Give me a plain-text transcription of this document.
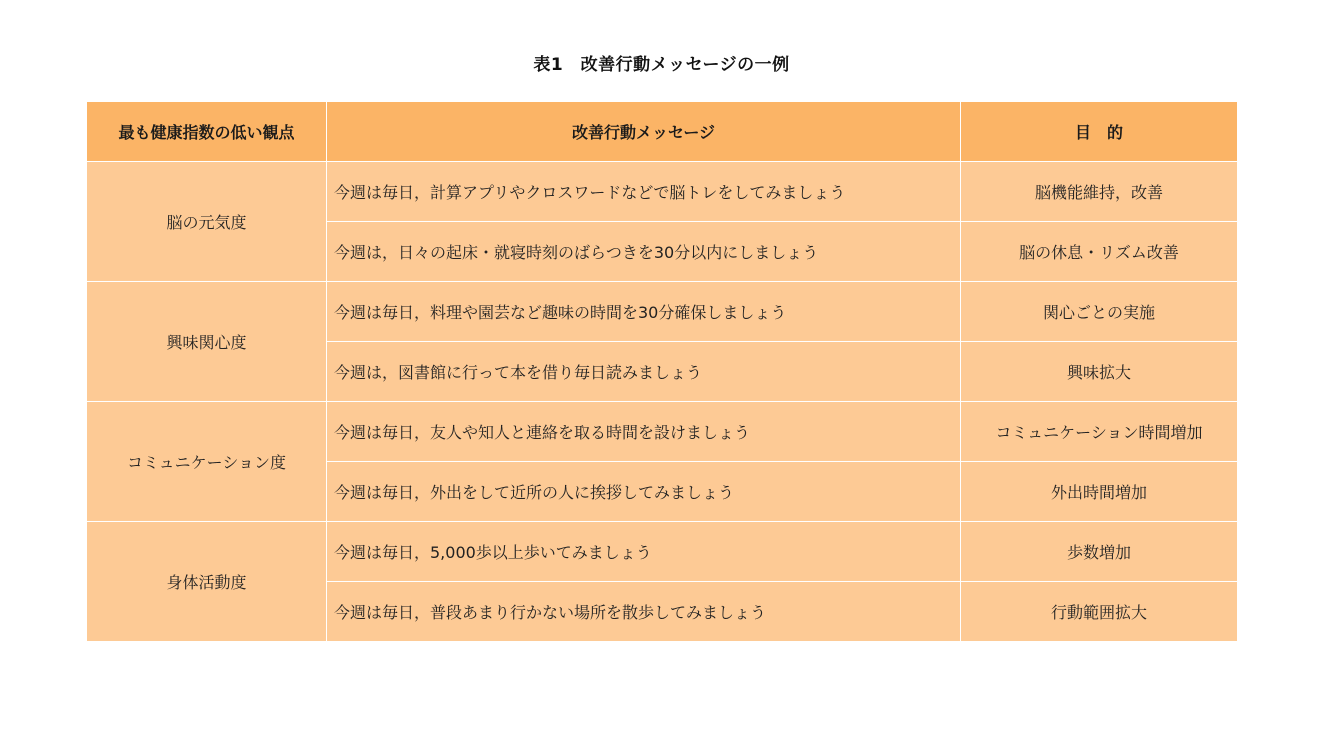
表1　改善行動メッセージの一例
最も健康指数の低い観点	改善行動メッセージ	目　的
脳の元気度	今週は毎日，計算アプリやクロスワードなどで脳トレをしてみましょう	脳機能維持，改善
	今週は，日々の起床・就寝時刻のばらつきを30分以内にしましょう	脳の休息・リズム改善
興味関心度	今週は毎日，料理や園芸など趣味の時間を30分確保しましょう	関心ごとの実施
	今週は，図書館に行って本を借り毎日読みましょう	興味拡大
コミュニケーション度	今週は毎日，友人や知人と連絡を取る時間を設けましょう	コミュニケーション時間増加
	今週は毎日，外出をして近所の人に挨拶してみましょう	外出時間増加
身体活動度	今週は毎日，5,000歩以上歩いてみましょう	歩数増加
	今週は毎日，普段あまり行かない場所を散歩してみましょう	行動範囲拡大
